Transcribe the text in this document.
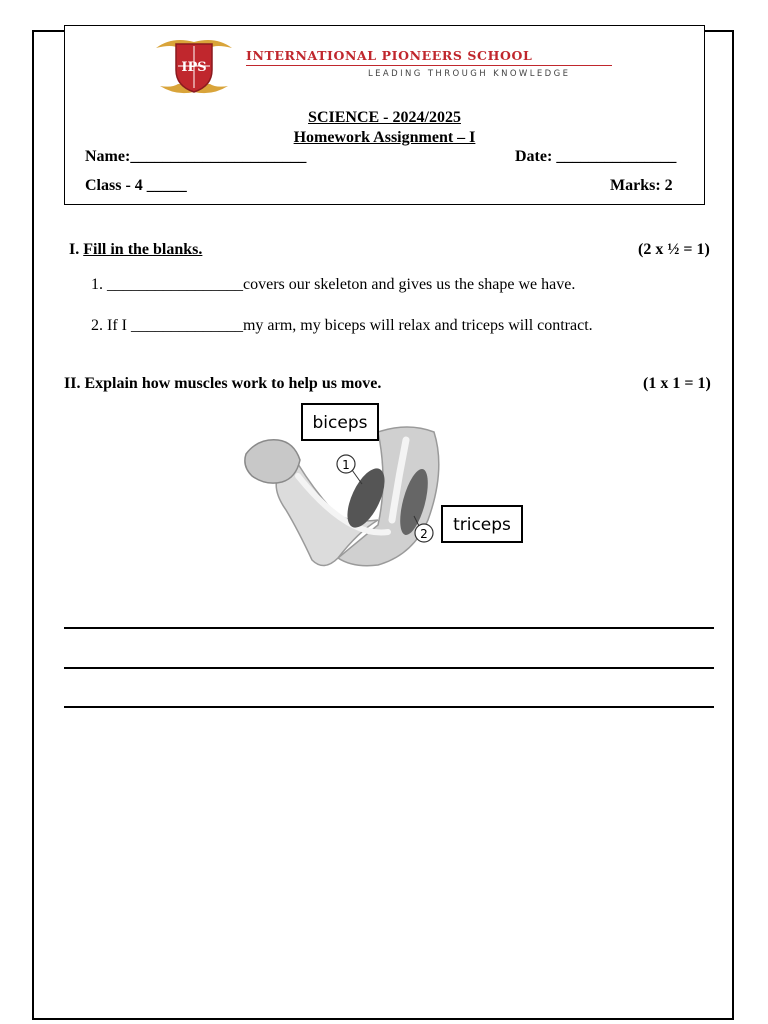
IPS
INTERNATIONAL PIONEERS SCHOOL
LEADING THROUGH KNOWLEDGE
SCIENCE - 2024/2025
Homework Assignment – I
Name:______________________	Date: _______________
Class - 4 _____	Marks: 2
I. Fill in the blanks.	(2 x ½ = 1)
1. _________________covers our skeleton and gives us the shape we have.
2. If I ______________my arm, my biceps will relax and triceps will contract.
II. Explain how muscles work to help us move.	(1 x 1 = 1)
1
2
biceps
triceps
